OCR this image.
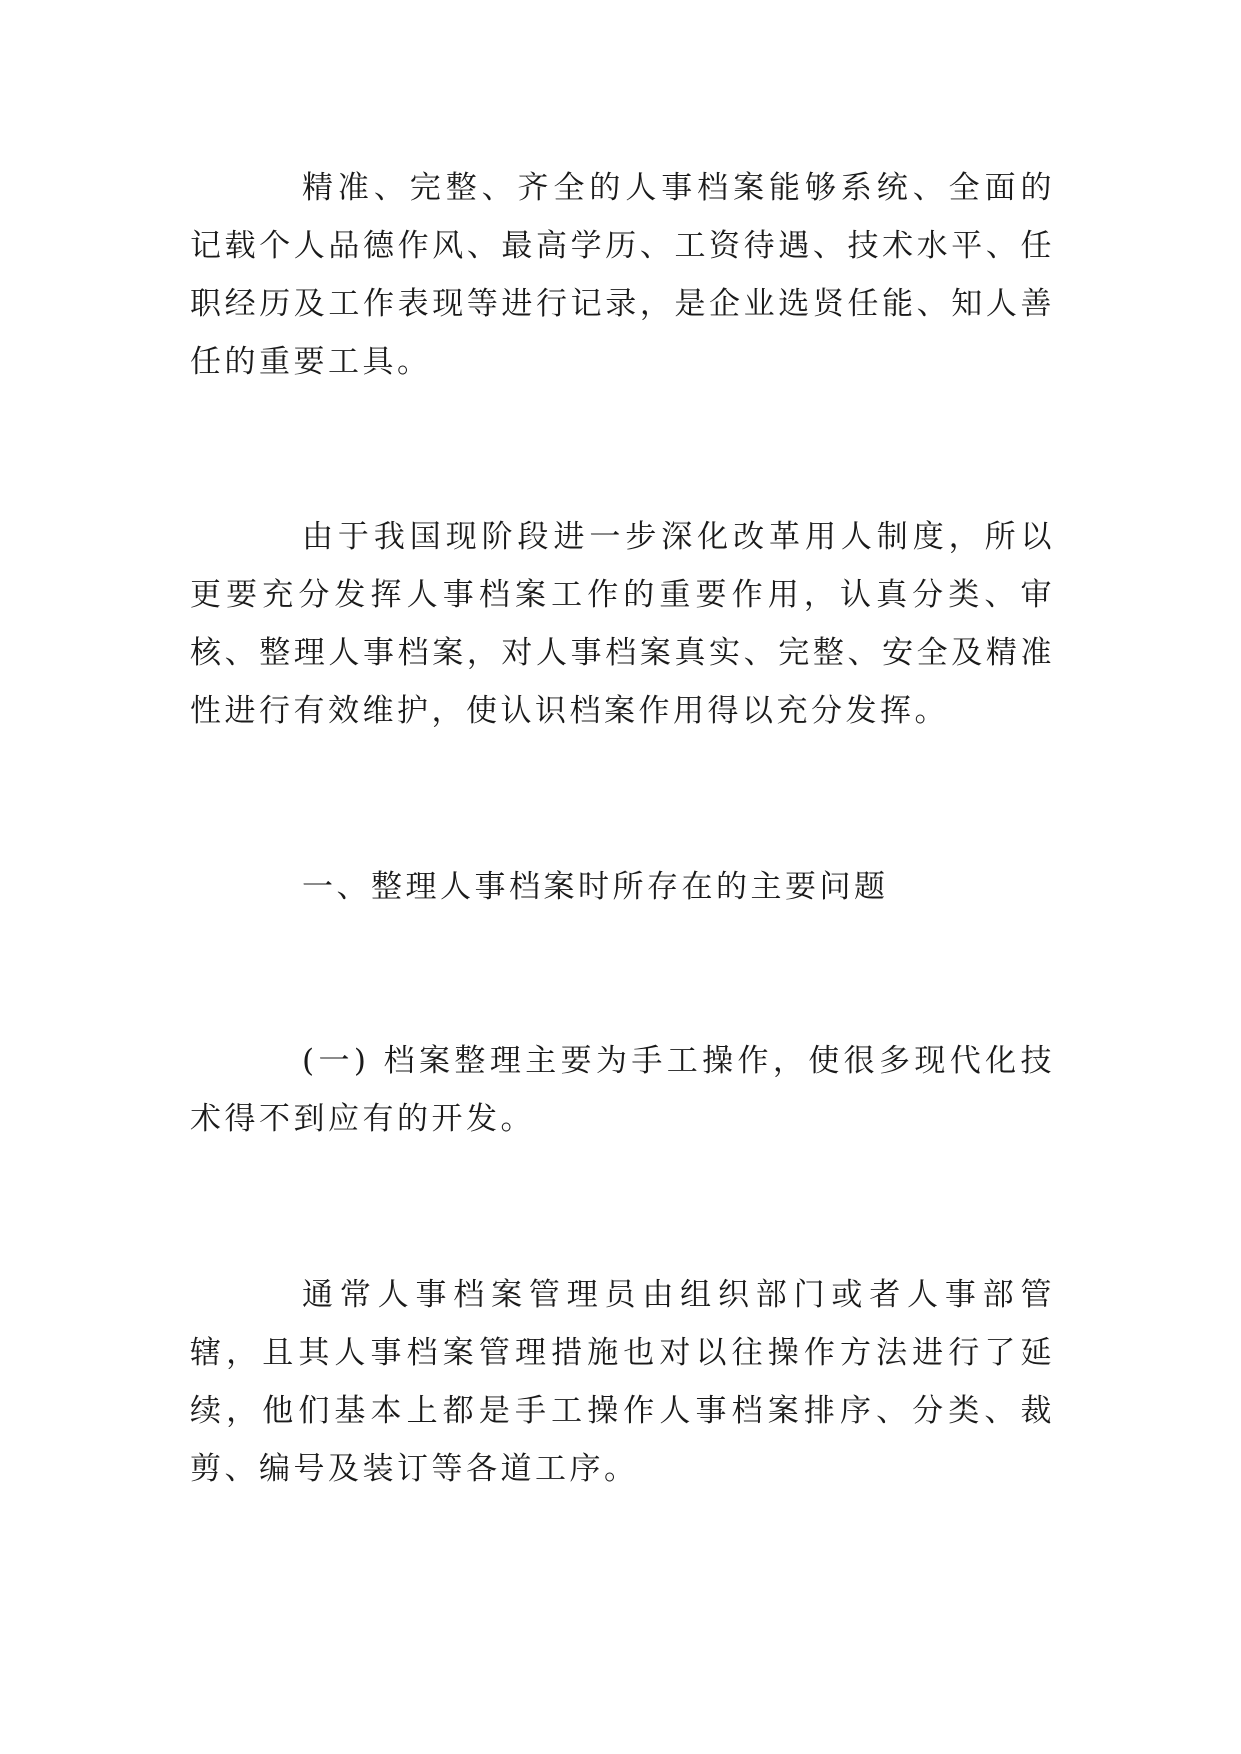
精准、完整、齐全的人事档案能够系统、全面的记载个人品德作风、最高学历、工资待遇、技术水平、任职经历及工作表现等进行记录，是企业选贤任能、知人善任的重要工具。

由于我国现阶段进一步深化改革用人制度，所以更要充分发挥人事档案工作的重要作用，认真分类、审核、整理人事档案，对人事档案真实、完整、安全及精准性进行有效维护，使认识档案作用得以充分发挥。

一、整理人事档案时所存在的主要问题

(一) 档案整理主要为手工操作，使很多现代化技术得不到应有的开发。

通常人事档案管理员由组织部门或者人事部管辖，且其人事档案管理措施也对以往操作方法进行了延续，他们基本上都是手工操作人事档案排序、分类、裁剪、编号及装订等各道工序。
